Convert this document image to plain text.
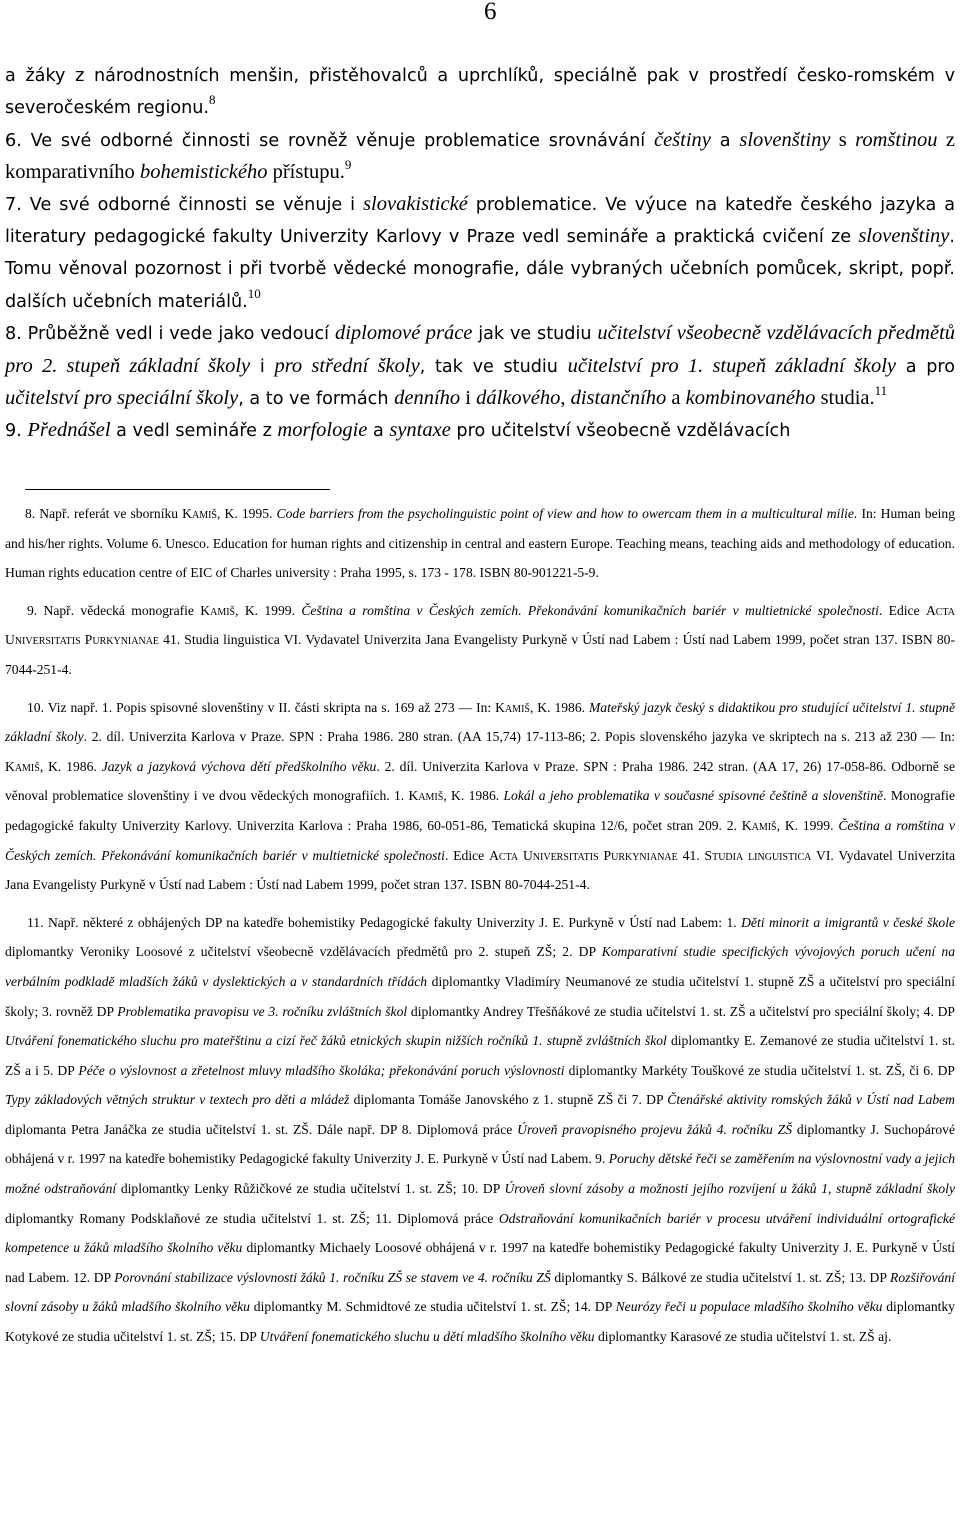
6

a žáky z národnostních menšin, přistěhovalců a uprchlíků, speciálně pak v prostředí česko-romském v severočeském regionu.$^8$

6. Ve své odborné činnosti se rovněž věnuje problematice srovnávání češtiny a slovenštiny s romštinou z komparativního bohemistického přístupu.$^9$

7. Ve své odborné činnosti se věnuje i slovakistické problematice. Ve výuce na katedře českého jazyka a literatury pedagogické fakulty Univerzity Karlovy v Praze vedl semináře a praktická cvičení ze slovenštiny. Tomu věnoval pozornost i při tvorbě vědecké monografie, dále vybraných učebních pomůcek, skript, popř. dalších učebních materiálů.$^{10}$

8. Průběžně vedl i vede jako vedoucí diplomové práce jak ve studiu učitelství všeobecně vzdělávacích předmětů pro 2. stupeň základní školy i pro střední školy, tak ve studiu učitelství pro 1. stupeň základní školy a pro učitelství pro speciální školy, a to ve formách denního i dálkového, distančního a kombinovaného studia.$^{11}$

9. Přednášel a vedl semináře z morfologie a syntaxe pro učitelství všeobecně vzdělávacích

8. Např. referát ve sborníku Kamiš, K. 1995. Code barriers from the psycholinguistic point of view and how to owercam them in a multicultural milie. In: Human being and his/her rights. Volume 6. Unesco. Education for human rights and citizenship in central and eastern Europe. Teaching means, teaching aids and methodology of education. Human rights education centre of EIC of Charles university : Praha 1995, s. 173 - 178. ISBN 80-901221-5-9.

9. Např. vědecká monografie Kamiš, K. 1999. Čeština a romština v Českých zemích. Překonávání komunikačních bariér v multietnické společnosti. Edice Acta Universitatis Purkynianae 41. Studia linguistica VI. Vydavatel Univerzita Jana Evangelisty Purkyně v Ústí nad Labem : Ústí nad Labem 1999, počet stran 137. ISBN 80-7044-251-4.

10. Viz např. 1. Popis spisovné slovenštiny v II. části skripta na s. 169 až 273 — In: Kamiš, K. 1986. Mateřský jazyk český s didaktikou pro studující učitelství 1. stupně základní školy. 2. díl. Univerzita Karlova v Praze. SPN : Praha 1986. 280 stran. (AA 15,74) 17-113-86; 2. Popis slovenského jazyka ve skriptech na s. 213 až 230 — In: Kamiš, K. 1986. Jazyk a jazyková výchova dětí předškolního věku. 2. díl. Univerzita Karlova v Praze. SPN : Praha 1986. 242 stran. (AA 17, 26) 17-058-86. Odborně se věnoval problematice slovenštiny i ve dvou vědeckých monografiích. 1. Kamiš, K. 1986. Lokál a jeho problematika v současné spisovné češtině a slovenštině. Monografie pedagogické fakulty Univerzity Karlovy. Univerzita Karlova : Praha 1986, 60-051-86, Tematická skupina 12/6, počet stran 209. 2. Kamiš, K. 1999. Čeština a romština v Českých zemích. Překonávání komunikačních bariér v multietnické společnosti. Edice Acta Universitatis Purkynianae 41. Studia linguistica VI. Vydavatel Univerzita Jana Evangelisty Purkyně v Ústí nad Labem : Ústí nad Labem 1999, počet stran 137. ISBN 80-7044-251-4.

11. Např. některé z obhájených DP na katedře bohemistiky Pedagogické fakulty Univerzity J. E. Purkyně v Ústí nad Labem: 1. Děti minorit a imigrantů v české škole diplomantky Veroniky Loosové z učitelství všeobecně vzdělávacích předmětů pro 2. stupeň ZŠ; 2. DP Komparativní studie specifických vývojových poruch učení na verbálním podkladě mladších žáků v dyslektických a v standardních třídách diplomantky Vladimíry Neumanové ze studia učitelství 1. stupně ZŠ a učitelství pro speciální školy; 3. rovněž DP Problematika pravopisu ve 3. ročníku zvláštních škol diplomantky Andrey Třešňákové ze studia učitelství 1. st. ZŠ a učitelství pro speciální školy; 4. DP Utváření fonematického sluchu pro mateřštinu a cizí řeč žáků etnických skupin nižších ročníků 1. stupně zvláštních škol diplomantky E. Zemanové ze studia učitelství 1. st. ZŠ a i 5. DP Péče o výslovnost a zřetelnost mluvy mladšího školáka; překonávání poruch výslovnosti diplomantky Markéty Touškové ze studia učitelství 1. st. ZŠ, či 6. DP Typy základových větných struktur v textech pro děti a mládež diplomanta Tomáše Janovského z 1. stupně ZŠ či 7. DP Čtenářské aktivity romských žáků v Ústí nad Labem diplomanta Petra Janáčka ze studia učitelství 1. st. ZŠ. Dále např. DP 8. Diplomová práce Úroveň pravopisného projevu žáků 4. ročníku ZŠ diplomantky J. Suchopárové obhájená v r. 1997 na katedře bohemistiky Pedagogické fakulty Univerzity J. E. Purkyně v Ústí nad Labem. 9. Poruchy dětské řeči se zaměřením na výslovnostní vady a jejich možné odstraňování diplomantky Lenky Růžičkové ze studia učitelství 1. st. ZŠ; 10. DP Úroveň slovní zásoby a možnosti jejího rozvíjení u žáků 1, stupně základní školy diplomantky Romany Podsklaňové ze studia učitelství 1. st. ZŠ; 11. Diplomová práce Odstraňování komunikačních bariér v procesu utváření individuální ortografické kompetence u žáků mladšího školního věku diplomantky Michaely Loosové obhájená v r. 1997 na katedře bohemistiky Pedagogické fakulty Univerzity J. E. Purkyně v Ústí nad Labem. 12. DP Porovnání stabilizace výslovnosti žáků 1. ročníku ZŠ se stavem ve 4. ročníku ZŠ diplomantky S. Bálkové ze studia učitelství 1. st. ZŠ; 13. DP Rozšiřování slovní zásoby u žáků mladšího školního věku diplomantky M. Schmidtové ze studia učitelství 1. st. ZŠ; 14. DP Neurózy řeči u populace mladšího školního věku diplomantky Kotykové ze studia učitelství 1. st. ZŠ; 15. DP Utváření fonematického sluchu u dětí mladšího školního věku diplomantky Karasové ze studia učitelství 1. st. ZŠ aj.
